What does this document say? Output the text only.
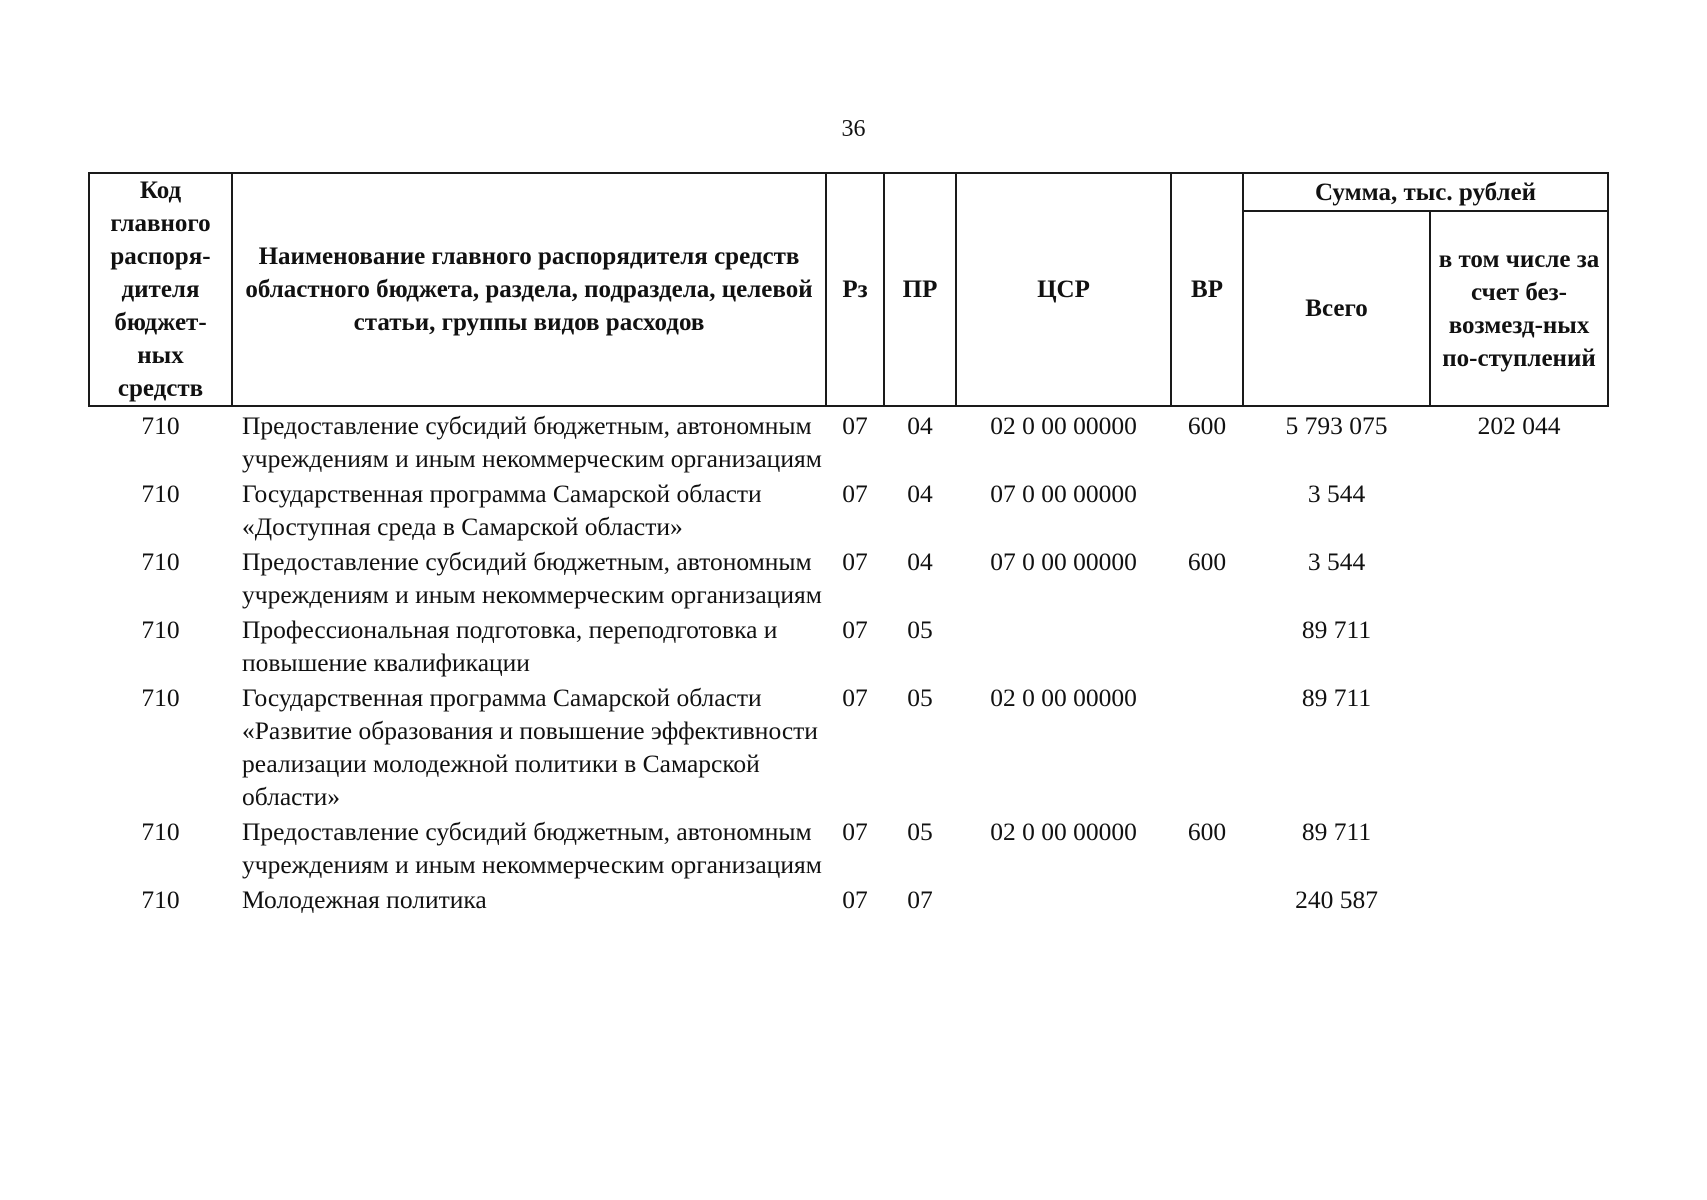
36
Код главного распоря-дителя бюджет-ных средств	Наименование главного распорядителя средств областного бюджета, раздела, подраздела, целевой статьи, группы видов расходов	Рз	ПР	ЦСР	ВР	Сумма, тыс. рублей	
						Всего	в том числе за счет без-возмезд-ных по-ступлений
710	Предоставление субсидий бюджетным, автономным учреждениям и иным некоммерческим организациям	07	04	02 0 00 00000	600	5 793 075	202 044
710	Государственная программа Самарской области «Доступная среда в Самарской области»	07	04	07 0 00 00000		3 544	
710	Предоставление субсидий бюджетным, автономным учреждениям и иным некоммерческим организациям	07	04	07 0 00 00000	600	3 544	
710	Профессиональная подготовка, переподготовка и повышение квалификации	07	05			89 711	
710	Государственная программа Самарской области «Развитие образования и повышение эффективности реализации молодежной политики в Самарской области»	07	05	02 0 00 00000		89 711	
710	Предоставление субсидий бюджетным, автономным учреждениям и иным некоммерческим организациям	07	05	02 0 00 00000	600	89 711	
710	Молодежная политика	07	07			240 587	
